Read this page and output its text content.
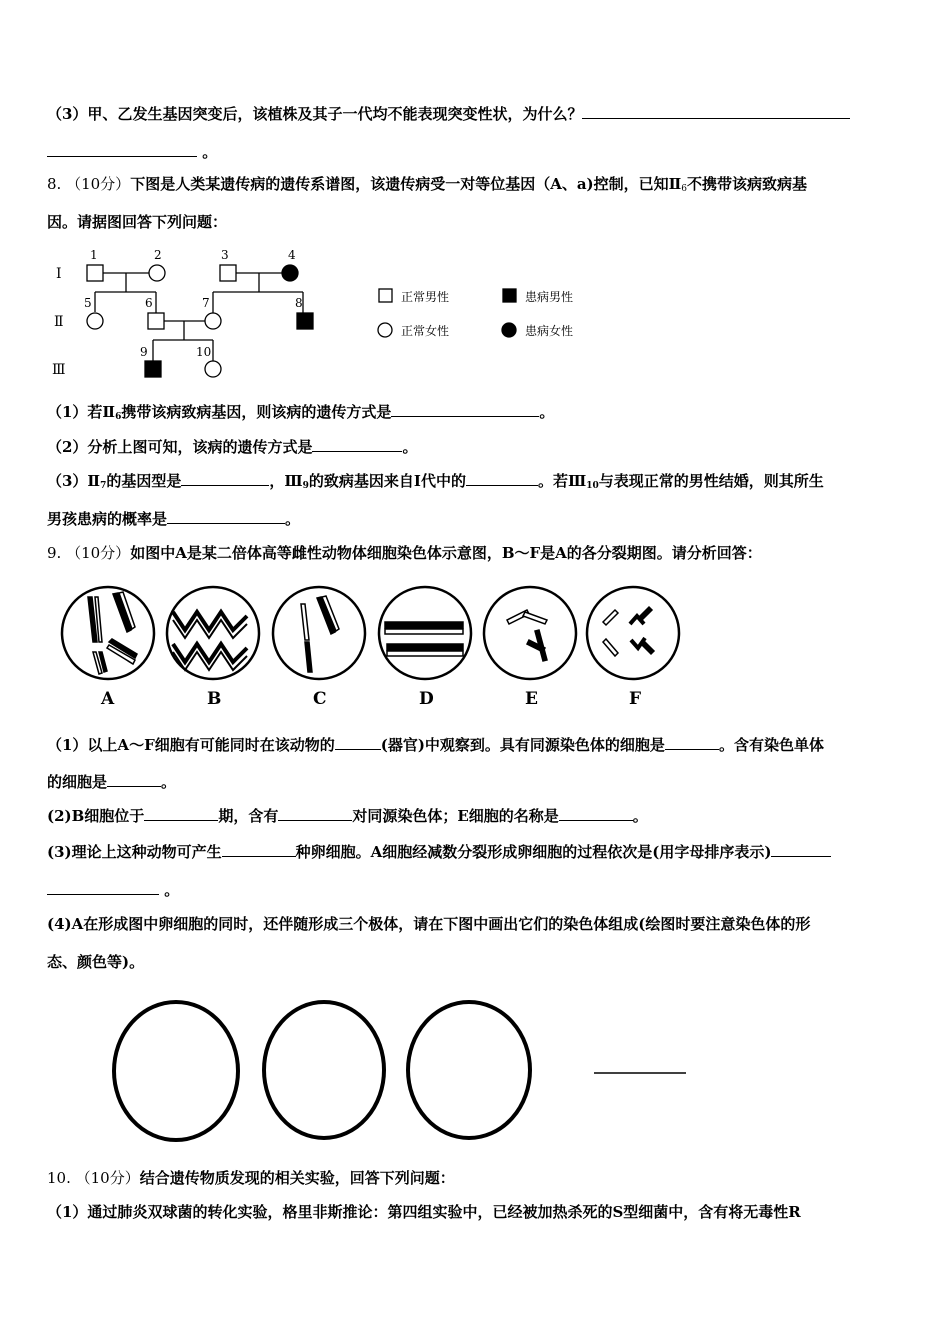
（3）甲、乙发生基因突变后，该植株及其子一代均不能表现突变性状，为什么？
。
8. （10分）下图是人类某遗传病的遗传系谱图，该遗传病受一对等位基因（A、a)控制，已知$Ⅱ_6$不携带该病致病基
因。请据图回答下列问题：
Ⅰ
Ⅱ
Ⅲ
1	2	3	4
5	6	7	8
9	10
正常男性	患病男性
正常女性	患病女性
（1）若$Ⅱ_6$携带该病致病基因，则该病的遗传方式是	。
（2）分析上图可知，该病的遗传方式是	。
$(3)Ⅱ_7$的基因型是	，$Ⅲ_9$的致病基因来自Ⅰ代中的	。若$Ⅲ_{10}$与表现正常的男性结婚，则其所生
男孩患病的概率是	。
9. （10分）如图中A是某二倍体高等雌性动物体细胞染色体示意图，B～F是A的各分裂期图。请分析回答：
A	B	C	D	E	F
（1）以上A～F细胞有可能同时在该动物的	(器官)中观察到。具有同源染色体的细胞是	。含有染色单体
的细胞是	。
(2)B细胞位于	期，含有	对同源染色体；E细胞的名称是	。
(3)理论上这种动物可产生	种卵细胞。A细胞经减数分裂形成卵细胞的过程依次是(用字母排序表示)
。
(4)A在形成图中卵细胞的同时，还伴随形成三个极体，请在下图中画出它们的染色体组成(绘图时要注意染色体的形
态、颜色等)。
10. （10分）结合遗传物质发现的相关实验，回答下列问题：
（1）通过肺炎双球菌的转化实验，格里非斯推论：第四组实验中，已经被加热杀死的S型细菌中，含有将无毒性R
